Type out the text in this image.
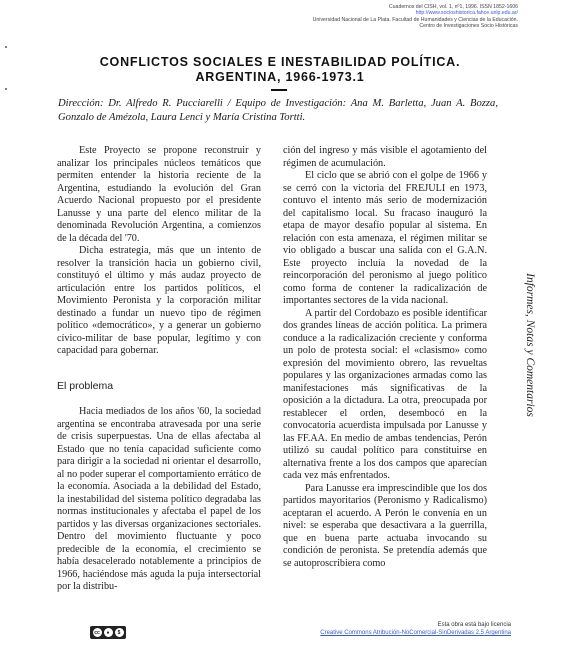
Cuadernos del CISH, vol. 1, nº1, 1996. ISSN 1852-1606
http://www.socioshistorica.fahce.unlp.edu.ar/
Universidad Nacional de La Plata. Facultad de Humanidades y Ciencias de la Educación.
Centro de Investigaciones Socio Históricas
CONFLICTOS SOCIALES E INESTABILIDAD POLÍTICA.
ARGENTINA, 1966-1973.1
Dirección: Dr. Alfredo R. Pucciarelli / Equipo de Investigación: Ana M. Barletta, Juan A. Bozza, Gonzalo de Amézola, Laura Lenci y María Cristina Tortti.

Este Proyecto se propone reconstruir y analizar los principales núcleos temáticos que permiten entender la historia reciente de la Argentina, estudiando la evolución del Gran Acuerdo Nacional propuesto por el presidente Lanusse y una parte del elenco militar de la denominada Revolución Argentina, a comienzos de la década del '70.

Dicha estrategia, más que un intento de resolver la transición hacia un gobierno civil, constituyó el último y más audaz proyecto de articulación entre los partidos políticos, el Movimiento Peronista y la corporación militar destinado a fundar un nuevo tipo de régimen político «democrático», y a generar un gobierno cívico-militar de base popular, legítimo y con capacidad para gobernar.

El problema

Hacia mediados de los años '60, la sociedad argentina se encontraba atravesada por una serie de crisis superpuestas. Una de ellas afectaba al Estado que no tenía capacidad suficiente como para dirigir a la sociedad ni orientar el desarrollo, al no poder superar el comportamiento errático de la economía. Asociada a la debilidad del Estado, la inestabilidad del sistema político degradaba las normas institucionales y afectaba el papel de los partidos y las diversas organizaciones sectoriales. Dentro del movimiento fluctuante y poco predecible de la economía, el crecimiento se había desacelerado notablemente a principios de 1966, haciéndose más aguda la puja intersectorial por la distribu-

ción del ingreso y más visible el agotamiento del régimen de acumulación.

El ciclo que se abrió con el golpe de 1966 y se cerró con la victoria del FREJULI en 1973, contuvo el intento más serio de modernización del capitalismo local. Su fracaso inauguró la etapa de mayor desafío popular al sistema. En relación con esta amenaza, el régimen militar se vio obligado a buscar una salida con el G.A.N. Este proyecto incluía la novedad de la reincorporación del peronismo al juego político como forma de contener la radicalización de importantes sectores de la vida nacional.

A partir del Cordobazo es posible identificar dos grandes líneas de acción política. La primera conduce a la radicalización creciente y conforma un polo de protesta social: el «clasismo» como expresión del movimiento obrero, las revueltas populares y las organizaciones armadas como las manifestaciones más significativas de la oposición a la dictadura. La otra, preocupada por restablecer el orden, desembocó en la convocatoria acuerdista impulsada por Lanusse y las FF.AA. En medio de ambas tendencias, Perón utilizó su caudal político para constituirse en alternativa frente a los dos campos que aparecían cada vez más enfrentados.

Para Lanusse era imprescindible que los dos partidos mayoritarios (Peronismo y Radicalismo) aceptaran el acuerdo. A Perón le convenía en un nivel: se esperaba que desactivara a la guerrilla, que en buena parte actuaba invocando su condición de peronista. Se pretendía además que se autoproscribiera como

Informes, Notas y Comentarios
cc	●	$
Esta obra está bajo licencia
Creative Commons Atribución-NoComercial-SinDerivadas 2.5 Argentina
